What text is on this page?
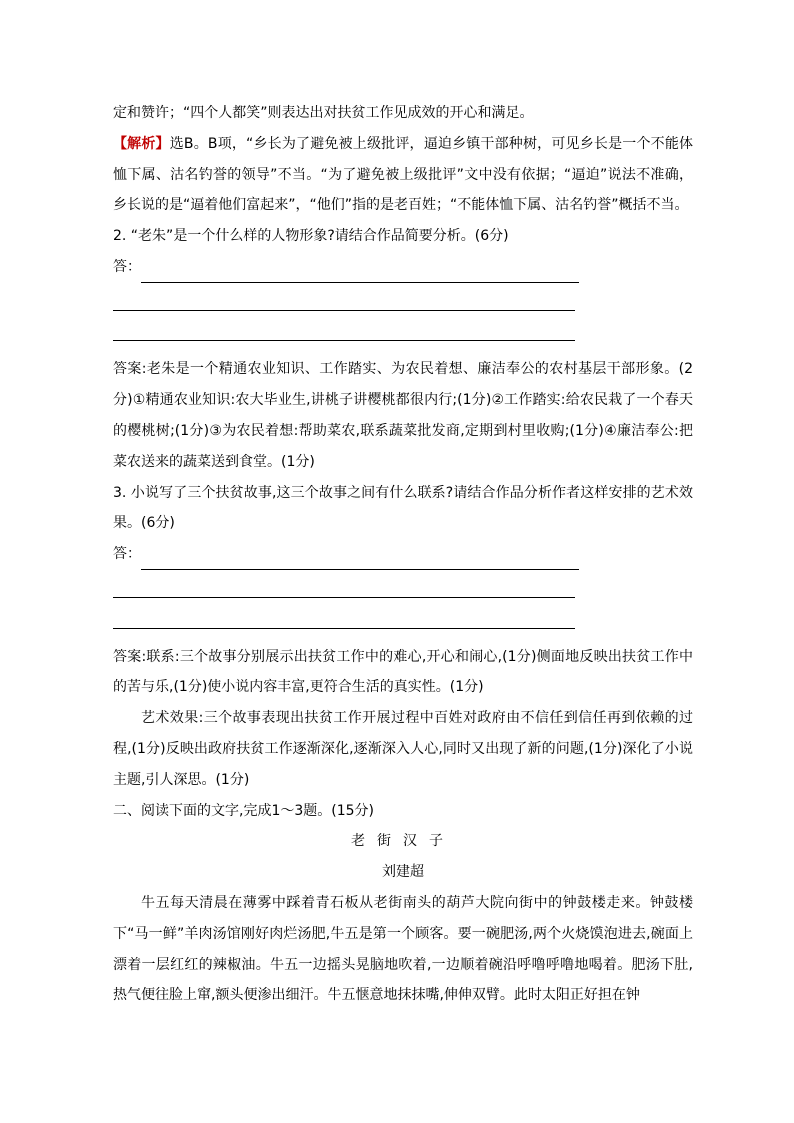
定和赞许；“四个人都笑”则表达出对扶贫工作见成效的开心和满足。

【解析】选B。B项，“乡长为了避免被上级批评，逼迫乡镇干部种树，可见乡长是一个不能体恤下属、沽名钓誉的领导”不当。“为了避免被上级批评”文中没有依据；“逼迫”说法不准确，乡长说的是“逼着他们富起来”，“他们”指的是老百姓；“不能体恤下属、沽名钓誉”概括不当。

2. “老朱”是一个什么样的人物形象?请结合作品简要分析。(6分)

答：

答案:老朱是一个精通农业知识、工作踏实、为农民着想、廉洁奉公的农村基层干部形象。(2分)①精通农业知识:农大毕业生,讲桃子讲樱桃都很内行;(1分)②工作踏实:给农民栽了一个春天的樱桃树;(1分)③为农民着想:帮助菜农,联系蔬菜批发商,定期到村里收购;(1分)④廉洁奉公:把菜农送来的蔬菜送到食堂。(1分)

3. 小说写了三个扶贫故事,这三个故事之间有什么联系?请结合作品分析作者这样安排的艺术效果。(6分)

答：

答案:联系:三个故事分别展示出扶贫工作中的难心,开心和闹心,(1分)侧面地反映出扶贫工作中的苦与乐,(1分)使小说内容丰富,更符合生活的真实性。(1分)

艺术效果:三个故事表现出扶贫工作开展过程中百姓对政府由不信任到信任再到依赖的过程,(1分)反映出政府扶贫工作逐渐深化,逐渐深入人心,同时又出现了新的问题,(1分)深化了小说主题,引人深思。(1分)

二、阅读下面的文字,完成1～3题。(15分)

老街汉子

刘建超

牛五每天清晨在薄雾中踩着青石板从老街南头的葫芦大院向街中的钟鼓楼走来。钟鼓楼下“马一鲜”羊肉汤馆刚好肉烂汤肥,牛五是第一个顾客。要一碗肥汤,两个火烧馍泡进去,碗面上漂着一层红红的辣椒油。牛五一边摇头晃脑地吹着,一边顺着碗沿呼噜呼噜地喝着。肥汤下肚,热气便往脸上窜,额头便渗出细汗。牛五惬意地抹抹嘴,伸伸双臂。此时太阳正好担在钟
